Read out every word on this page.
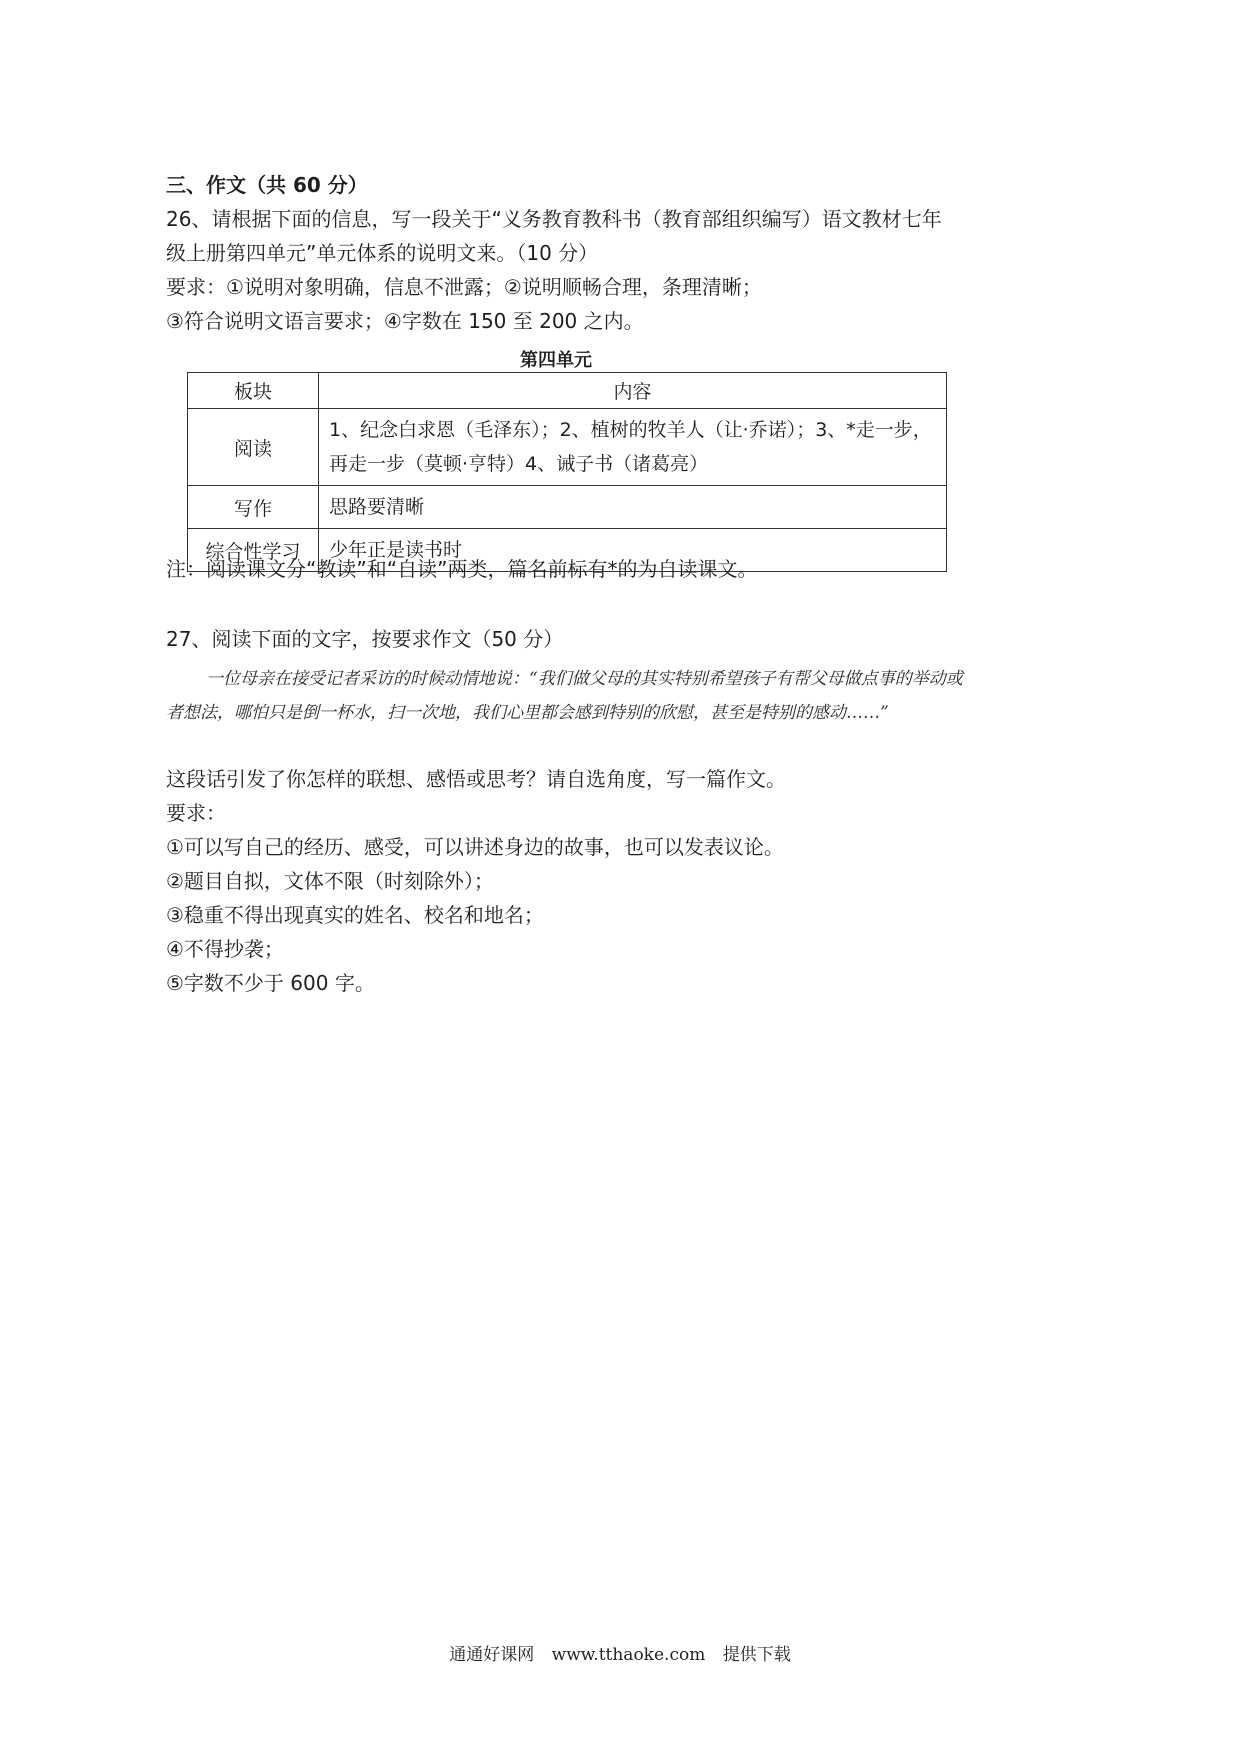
三、作文（共 60 分）
26、请根据下面的信息，写一段关于“义务教育教科书（教育部组织编写）语文教材七年
级上册第四单元”单元体系的说明文来。（10 分）
要求：①说明对象明确，信息不泄露；②说明顺畅合理，条理清晰；
③符合说明文语言要求；④字数在 150 至 200 之内。
第四单元
板块	内容
阅读	1、纪念白求恩（毛泽东）；2、植树的牧羊人（让·乔诺）；3、*走一步，再走一步（莫顿·亨特）4、诫子书（诸葛亮）
写作	思路要清晰
综合性学习	少年正是读书时
注：阅读课文分“教读”和“自读”两类，篇名前标有*的为自读课文。
27、阅读下面的文字，按要求作文（50 分）
一位母亲在接受记者采访的时候动情地说：“我们做父母的其实特别希望孩子有帮父母做点事的举动或者想法，哪怕只是倒一杯水，扫一次地，我们心里都会感到特别的欣慰，甚至是特别的感动……”
这段话引发了你怎样的联想、感悟或思考？请自选角度，写一篇作文。
要求：
①可以写自己的经历、感受，可以讲述身边的故事，也可以发表议论。
②题目自拟，文体不限（时刻除外）；
③稳重不得出现真实的姓名、校名和地名；
④不得抄袭；
⑤字数不少于 600 字。
通通好课网 www.tthaoke.com 提供下载
